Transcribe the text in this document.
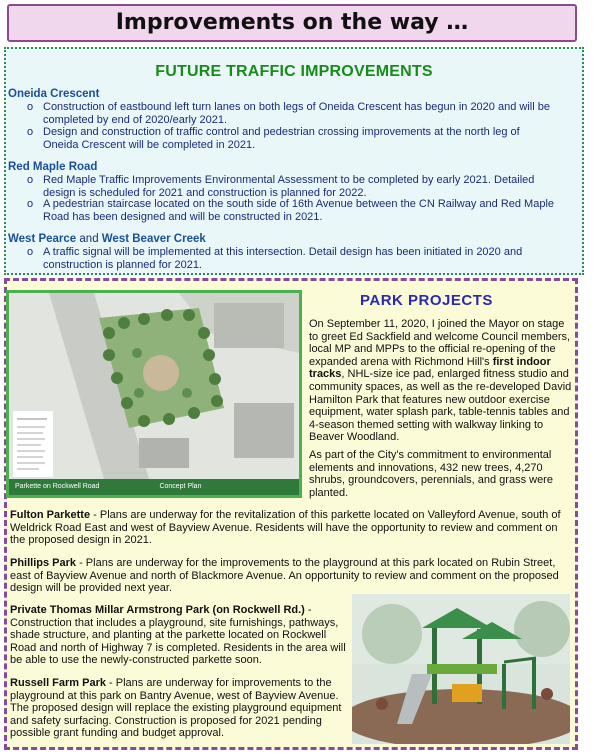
Improvements on the way …
FUTURE TRAFFIC IMPROVEMENTS
Oneida Crescent
o Construction of eastbound left turn lanes on both legs of Oneida Crescent has begun in 2020 and will be completed by end of 2020/early 2021.
o Design and construction of traffic control and pedestrian crossing improvements at the north leg of Oneida Crescent will be completed in 2021.
Red Maple Road
o Red Maple Traffic Improvements Environmental Assessment to be completed by early 2021. Detailed design is scheduled for 2021 and construction is planned for 2022.
o A pedestrian staircase located on the south side of 16th Avenue between the CN Railway and Red Maple Road has been designed and will be constructed in 2021.
West Pearce and West Beaver Creek
o A traffic signal will be implemented at this intersection. Detail design has been initiated in 2020 and construction is planned for 2021.
Parkette on Rockwell Road	Concept Plan
PARK PROJECTS
On September 11, 2020, I joined the Mayor on stage to greet Ed Sackfield and welcome Council members, local MP and MPPs to the official re-opening of the expanded arena with Richmond Hill's first indoor tracks, NHL-size ice pad, enlarged fitness studio and community spaces, as well as the re-developed David Hamilton Park that features new outdoor exercise equipment, water splash park, table-tennis tables and 4-season themed setting with walkway linking to Beaver Woodland.
As part of the City's commitment to environmental elements and innovations, 432 new trees, 4,270 shrubs, groundcovers, perennials, and grass were planted.
Fulton Parkette - Plans are underway for the revitalization of this parkette located on Valleyford Avenue, south of Weldrick Road East and west of Bayview Avenue. Residents will have the opportunity to review and comment on the proposed design in 2021.
Phillips Park - Plans are underway for the improvements to the playground at this park located on Rubin Street, east of Bayview Avenue and north of Blackmore Avenue. An opportunity to review and comment on the proposed design will be provided next year.
Private Thomas Millar Armstrong Park (on Rockwell Rd.) - Construction that includes a playground, site furnishings, pathways, shade structure, and planting at the parkette located on Rockwell Road and north of Highway 7 is completed. Residents in the area will be able to use the newly-constructed parkette soon.
Russell Farm Park - Plans are underway for improvements to the playground at this park on Bantry Avenue, west of Bayview Avenue. The proposed design will replace the existing playground equipment and safety surfacing. Construction is proposed for 2021 pending possible grant funding and budget approval.
